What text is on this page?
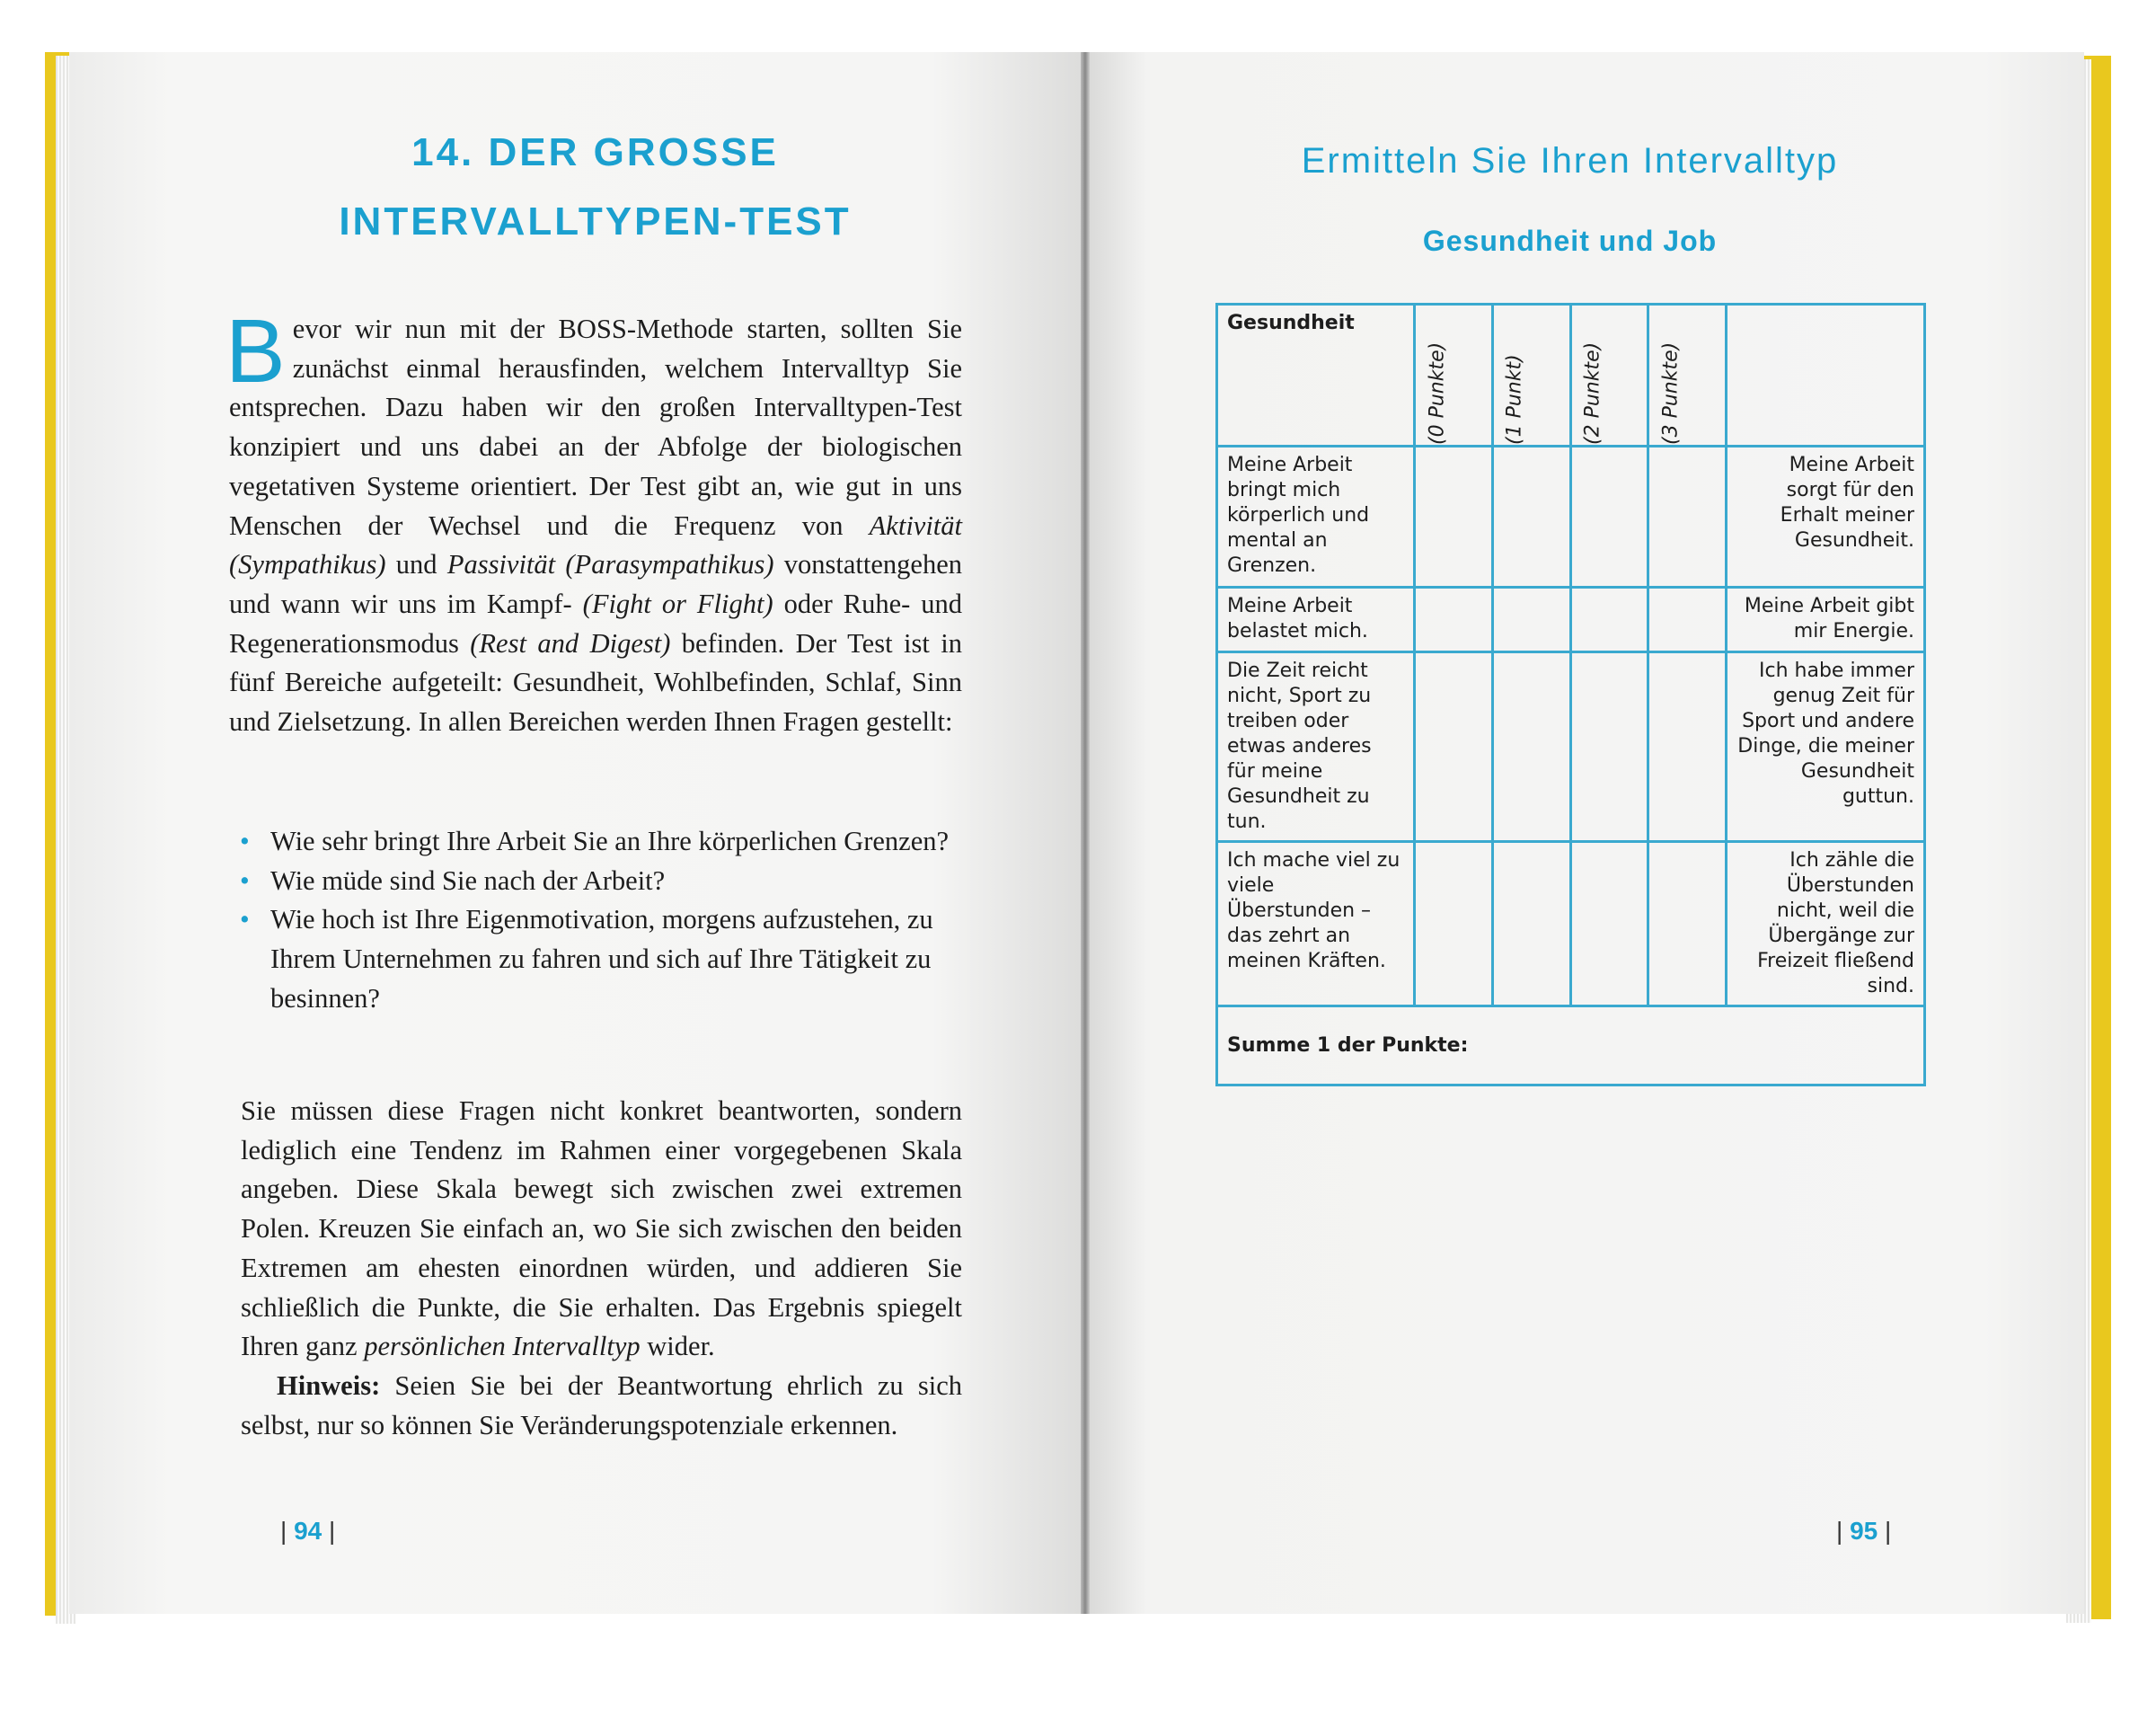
14. DER GROSSE
INTERVALLTYPEN-TEST

Bevor wir nun mit der BOSS-Methode starten, sollten Sie zunächst einmal herausfinden, welchem Intervalltyp Sie entsprechen. Dazu haben wir den großen Intervalltypen-Test konzipiert und uns dabei an der Abfolge der biologischen vegetativen Systeme orientiert. Der Test gibt an, wie gut in uns Menschen der Wechsel und die Frequenz von Aktivität (Sympathikus) und Passivität (Parasympathikus) vonstattengehen und wann wir uns im Kampf- (Fight or Flight) oder Ruhe- und Regenerationsmodus (Rest and Digest) befinden. Der Test ist in fünf Bereiche aufgeteilt: Gesundheit, Wohlbefinden, Schlaf, Sinn und Zielsetzung. In allen Bereichen werden Ihnen Fragen gestellt:

• Wie sehr bringt Ihre Arbeit Sie an Ihre körperlichen Grenzen?
• Wie müde sind Sie nach der Arbeit?
• Wie hoch ist Ihre Eigenmotivation, morgens aufzustehen, zu Ihrem Unternehmen zu fahren und sich auf Ihre Tätigkeit zu besinnen?

Sie müssen diese Fragen nicht konkret beantworten, sondern lediglich eine Tendenz im Rahmen einer vorgegebenen Skala angeben. Diese Skala bewegt sich zwischen zwei extremen Polen. Kreuzen Sie einfach an, wo Sie sich zwischen den beiden Extremen am ehesten einordnen würden, und addieren Sie schließlich die Punkte, die Sie erhalten. Das Ergebnis spiegelt Ihren ganz persönlichen Intervalltyp wider.

Hinweis: Seien Sie bei der Beantwortung ehrlich zu sich selbst, nur so können Sie Veränderungspotenziale erkennen.

| 94 |
Ermitteln Sie Ihren Intervalltyp
Gesundheit und Job
Gesundheit	(0 Punkte)	(1 Punkt)	(2 Punkte)	(3 Punkte)	
Meine Arbeit bringt mich körperlich und mental an Grenzen.					Meine Arbeit sorgt für den Erhalt meiner Gesundheit.
Meine Arbeit belastet mich.					Meine Arbeit gibt mir Energie.
Die Zeit reicht nicht, Sport zu treiben oder etwas anderes für meine Gesundheit zu tun.					Ich habe immer genug Zeit für Sport und andere Dinge, die meiner Gesundheit guttun.
Ich mache viel zu viele Überstunden – das zehrt an meinen Kräften.					Ich zähle die Überstunden nicht, weil die Übergänge zur Freizeit fließend sind.
Summe 1 der Punkte:					
| 95 |
